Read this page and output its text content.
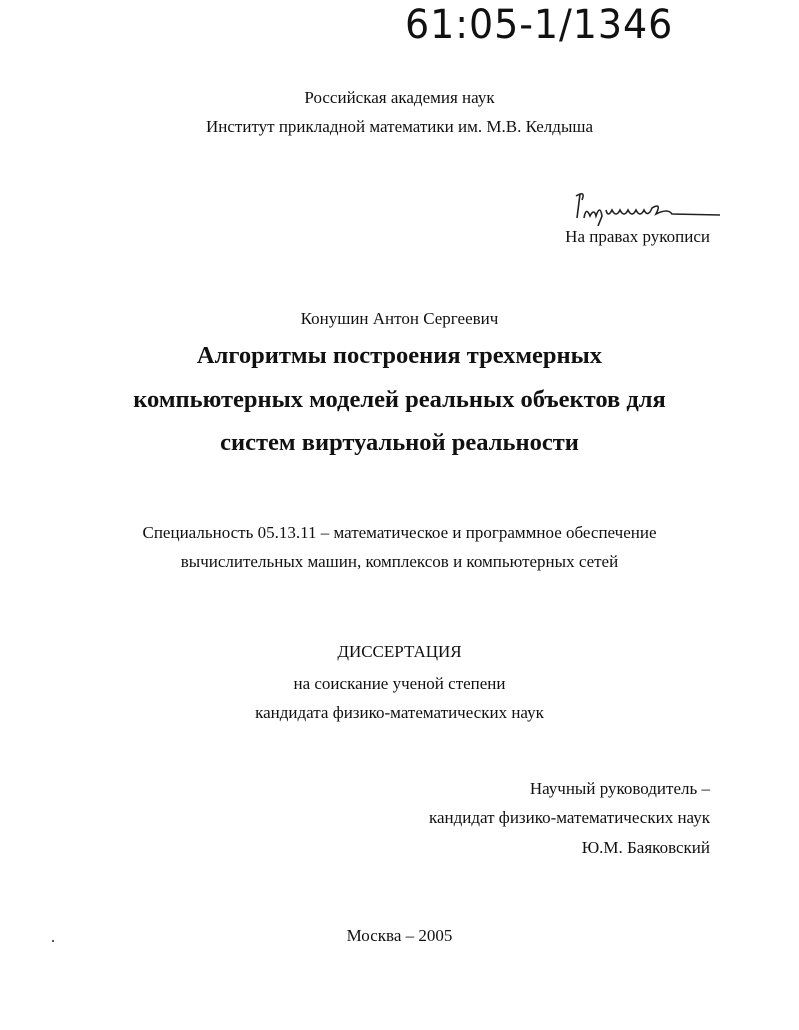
61:05-1/1346
Российская академия наук
Институт прикладной математики им. М.В. Келдыша
На правах рукописи
Конушин Антон Сергеевич
Алгоритмы построения трехмерных
компьютерных моделей реальных объектов для
систем виртуальной реальности
Специальность 05.13.11 – математическое и программное обеспечение
вычислительных машин, комплексов и компьютерных сетей
ДИССЕРТАЦИЯ
на соискание ученой степени
кандидата физико-математических наук
Научный руководитель –
кандидат физико-математических наук
Ю.М. Баяковский
Москва – 2005
